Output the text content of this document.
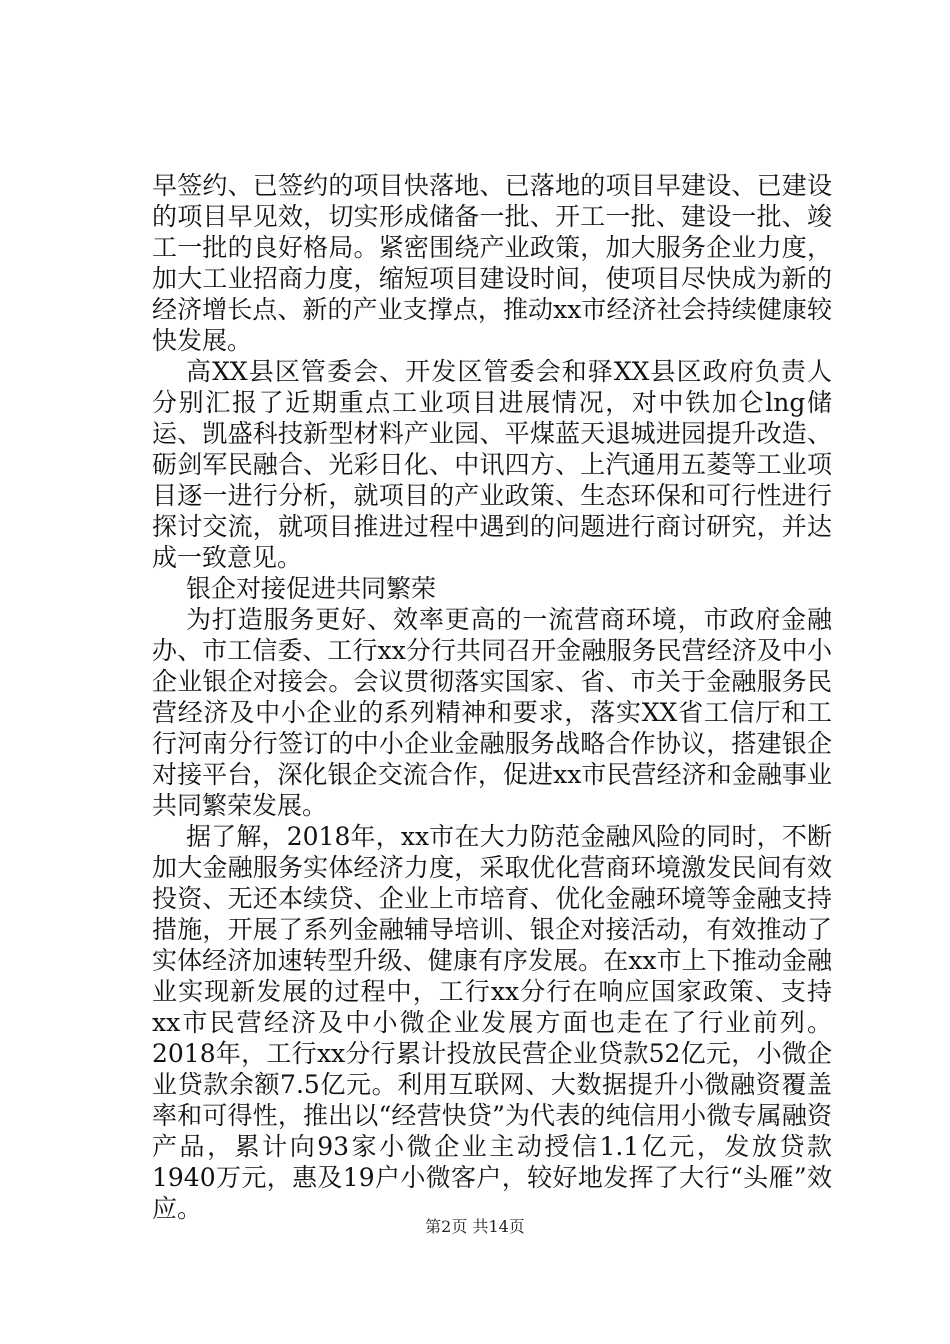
早签约、已签约的项目快落地、已落地的项目早建设、已建设的项目早见效，切实形成储备一批、开工一批、建设一批、竣工一批的良好格局。紧密围绕产业政策，加大服务企业力度，加大工业招商力度，缩短项目建设时间，使项目尽快成为新的经济增长点、新的产业支撑点，推动xx市经济社会持续健康较快发展。

高XX县区管委会、开发区管委会和驿XX县区政府负责人分别汇报了近期重点工业项目进展情况，对中铁加仑lng储运、凯盛科技新型材料产业园、平煤蓝天退城进园提升改造、砺剑军民融合、光彩日化、中讯四方、上汽通用五菱等工业项目逐一进行分析，就项目的产业政策、生态环保和可行性进行探讨交流，就项目推进过程中遇到的问题进行商讨研究，并达成一致意见。

银企对接促进共同繁荣

为打造服务更好、效率更高的一流营商环境，市政府金融办、市工信委、工行xx分行共同召开金融服务民营经济及中小企业银企对接会。会议贯彻落实国家、省、市关于金融服务民营经济及中小企业的系列精神和要求，落实XX省工信厅和工行河南分行签订的中小企业金融服务战略合作协议，搭建银企对接平台，深化银企交流合作，促进xx市民营经济和金融事业共同繁荣发展。

据了解，2018年，xx市在大力防范金融风险的同时，不断加大金融服务实体经济力度，采取优化营商环境激发民间有效投资、无还本续贷、企业上市培育、优化金融环境等金融支持措施，开展了系列金融辅导培训、银企对接活动，有效推动了实体经济加速转型升级、健康有序发展。在xx市上下推动金融业实现新发展的过程中，工行xx分行在响应国家政策、支持xx市民营经济及中小微企业发展方面也走在了行业前列。2018年，工行xx分行累计投放民营企业贷款52亿元，小微企业贷款余额7.5亿元。利用互联网、大数据提升小微融资覆盖率和可得性，推出以“经营快贷”为代表的纯信用小微专属融资产品，累计向93家小微企业主动授信1.1亿元，发放贷款1940万元，惠及19户小微客户，较好地发挥了大行“头雁”效应。

第2页 共14页
